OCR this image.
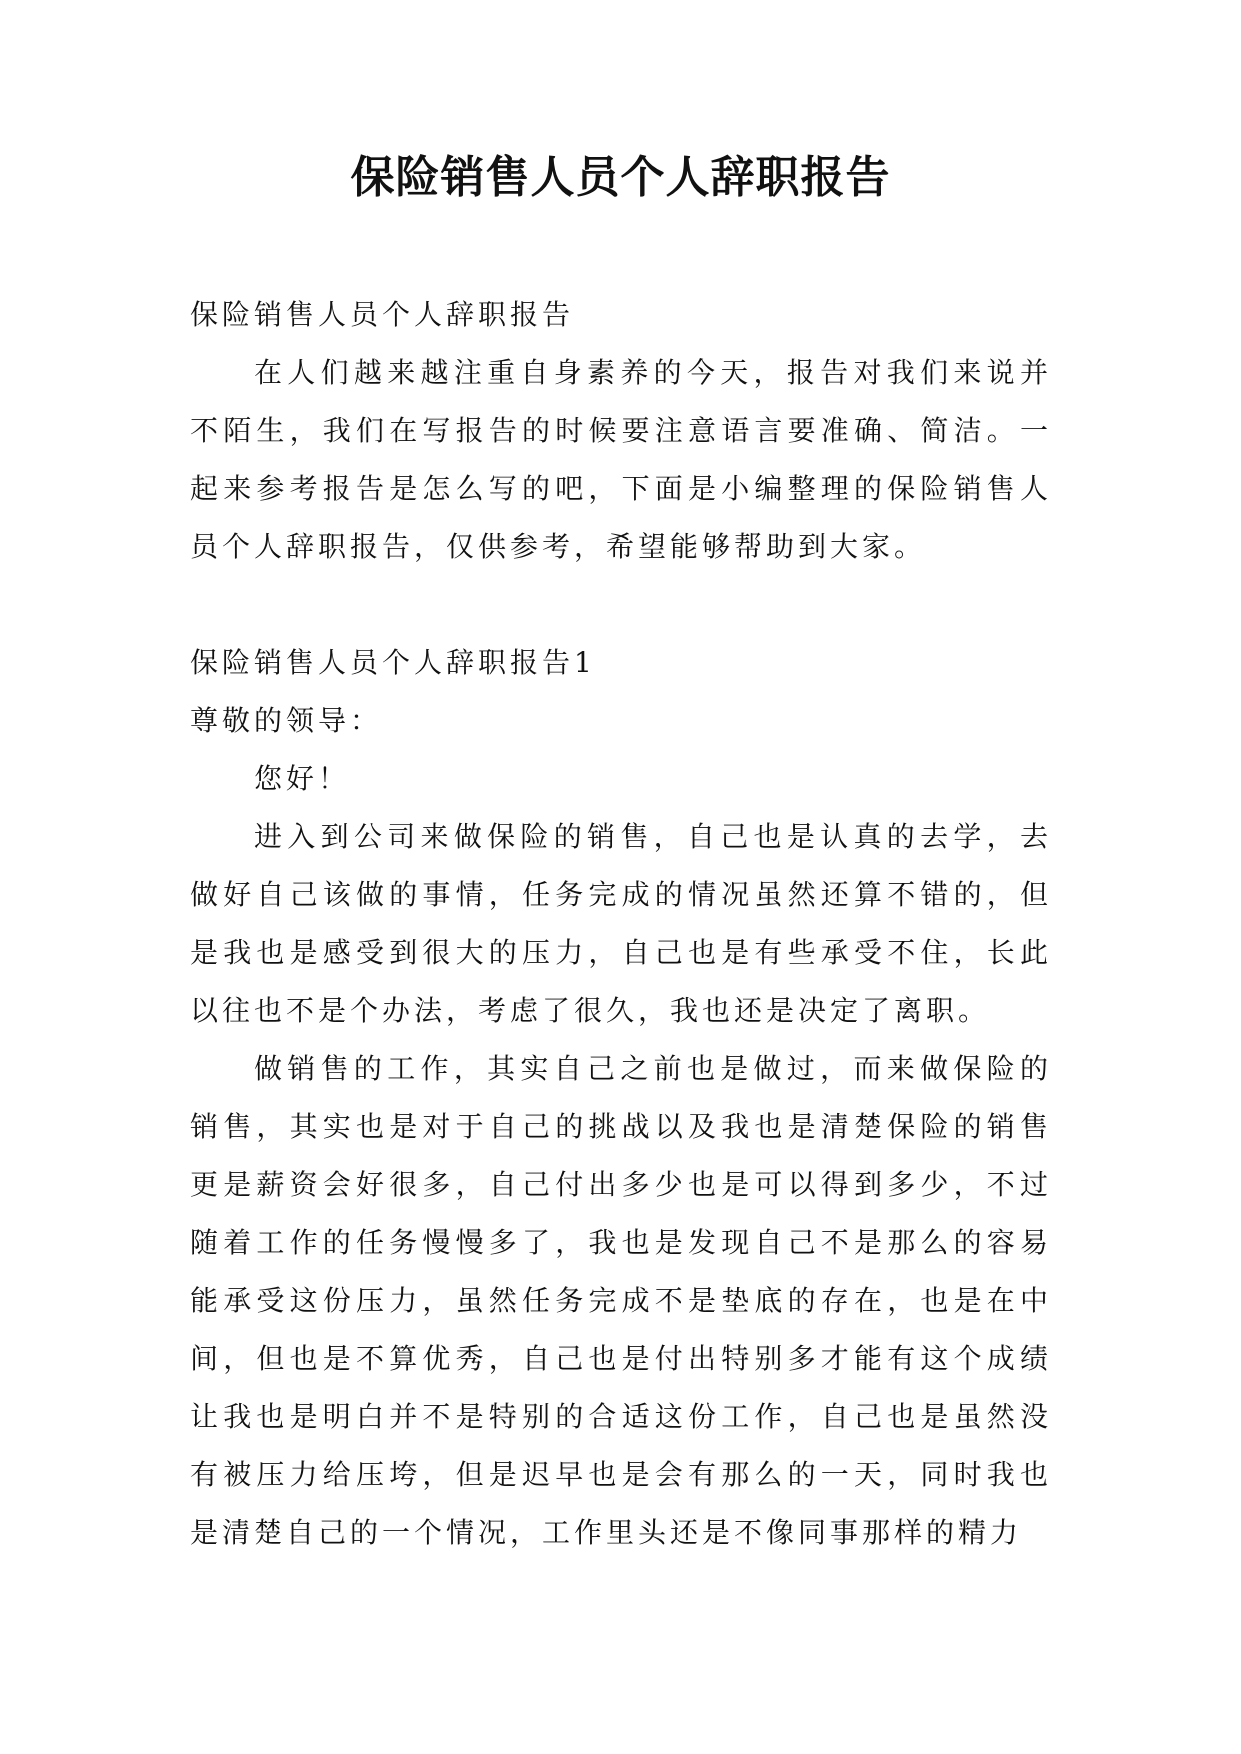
保险销售人员个人辞职报告

保险销售人员个人辞职报告

在人们越来越注重自身素养的今天，报告对我们来说并不陌生，我们在写报告的时候要注意语言要准确、简洁。一起来参考报告是怎么写的吧，下面是小编整理的保险销售人员个人辞职报告，仅供参考，希望能够帮助到大家。

保险销售人员个人辞职报告1

尊敬的领导：

您好！

进入到公司来做保险的销售，自己也是认真的去学，去做好自己该做的事情，任务完成的情况虽然还算不错的，但是我也是感受到很大的压力，自己也是有些承受不住，长此以往也不是个办法，考虑了很久，我也还是决定了离职。

做销售的工作，其实自己之前也是做过，而来做保险的销售，其实也是对于自己的挑战以及我也是清楚保险的销售更是薪资会好很多，自己付出多少也是可以得到多少，不过随着工作的任务慢慢多了，我也是发现自己不是那么的容易能承受这份压力，虽然任务完成不是垫底的存在，也是在中间，但也是不算优秀，自己也是付出特别多才能有这个成绩让我也是明白并不是特别的合适这份工作，自己也是虽然没有被压力给压垮，但是迟早也是会有那么的一天，同时我也是清楚自己的一个情况，工作里头还是不像同事那样的精力
